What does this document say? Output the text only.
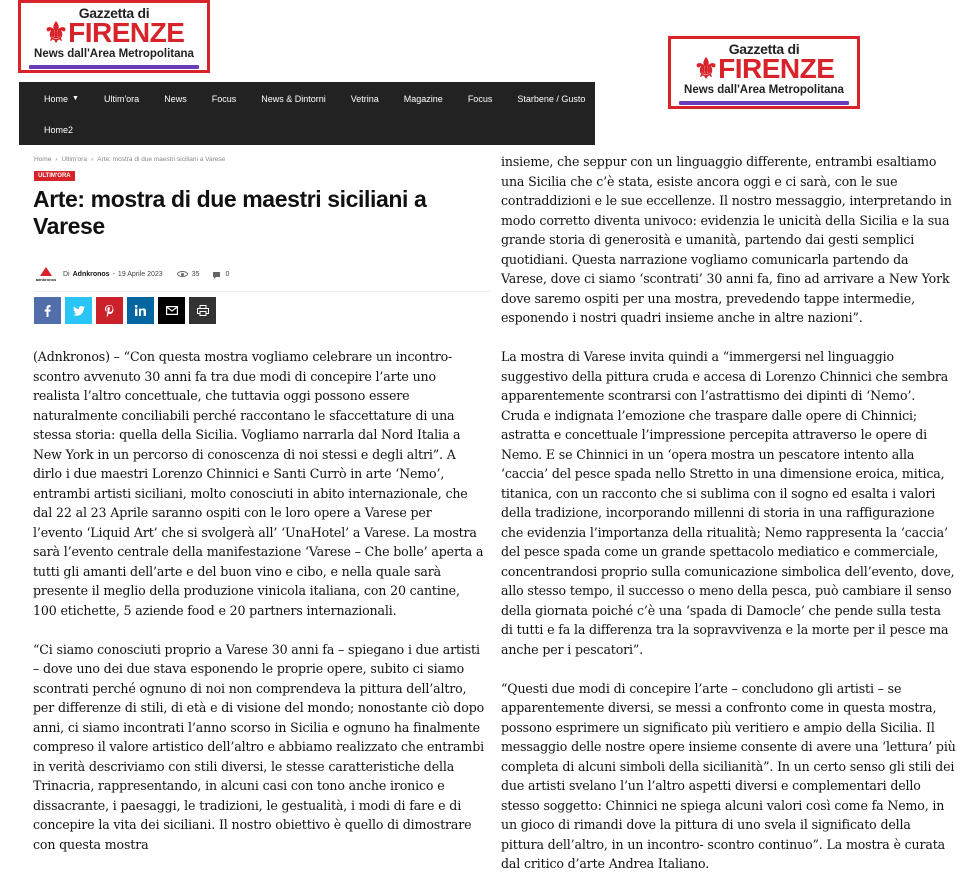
Gazzetta di
⚜FIRENZE
News dall'Area Metropolitana	Gazzetta di
⚜FIRENZE
News dall'Area Metropolitana
Home ▼	Ultim'ora	News	Focus	News & Dintorni	Vetrina	Magazine	Focus	Starbene / Gusto	Anni
Home2
Home › Ultim'ora › Arte: mostra di due maestri siciliani a Varese
ULTIM'ORA
Arte: mostra di due maestri siciliani a Varese
adnkronos
Di Adnkronos - 19 Aprile 2023	35	0

(Adnkronos) – “Con questa mostra vogliamo celebrare un incontro-scontro avvenuto 30 anni fa tra due modi di concepire l’arte uno realista l’altro concettuale, che tuttavia oggi possono essere naturalmente conciliabili perché raccontano le sfaccettature di una stessa storia: quella della Sicilia. Vogliamo narrarla dal Nord Italia a New York in un percorso di conoscenza di noi stessi e degli altri”. A dirlo i due maestri Lorenzo Chinnici e Santi Currò in arte ‘Nemo’, entrambi artisti siciliani, molto conosciuti in abito internazionale, che dal 22 al 23 Aprile saranno ospiti con le loro opere a Varese per l’evento ‘Liquid Art’ che si svolgerà all’ ‘UnaHotel’ a Varese. La mostra sarà l’evento centrale della manifestazione ‘Varese – Che bolle’ aperta a tutti gli amanti dell’arte e del buon vino e cibo, e nella quale sarà presente il meglio della produzione vinicola italiana, con 20 cantine, 100 etichette, 5 aziende food e 20 partners internazionali.

“Ci siamo conosciuti proprio a Varese 30 anni fa – spiegano i due artisti – dove uno dei due stava esponendo le proprie opere, subito ci siamo scontrati perché ognuno di noi non comprendeva la pittura dell’altro, per differenze di stili, di età e di visione del mondo; nonostante ciò dopo anni, ci siamo incontrati l’anno scorso in Sicilia e ognuno ha finalmente compreso il valore artistico dell’altro e abbiamo realizzato che entrambi in verità descriviamo con stili diversi, le stesse caratteristiche della Trinacria, rappresentando, in alcuni casi con tono anche ironico e dissacrante, i paesaggi, le tradizioni, le gestualità, i modi di fare e di concepire la vita dei siciliani. Il nostro obiettivo è quello di dimostrare con questa mostra

insieme, che seppur con un linguaggio differente, entrambi esaltiamo una Sicilia che c’è stata, esiste ancora oggi e ci sarà, con le sue contraddizioni e le sue eccellenze. Il nostro messaggio, interpretando in modo corretto diventa univoco: evidenzia le unicità della Sicilia e la sua grande storia di generosità e umanità, partendo dai gesti semplici quotidiani. Questa narrazione vogliamo comunicarla partendo da Varese, dove ci siamo ‘scontrati’ 30 anni fa, fino ad arrivare a New York dove saremo ospiti per una mostra, prevedendo tappe intermedie, esponendo i nostri quadri insieme anche in altre nazioni”.

La mostra di Varese invita quindi a “immergersi nel linguaggio suggestivo della pittura cruda e accesa di Lorenzo Chinnici che sembra apparentemente scontrarsi con l’astrattismo dei dipinti di ‘Nemo’. Cruda e indignata l’emozione che traspare dalle opere di Chinnici; astratta e concettuale l’impressione percepita attraverso le opere di Nemo. E se Chinnici in un ‘opera mostra un pescatore intento alla ‘caccia’ del pesce spada nello Stretto in una dimensione eroica, mitica, titanica, con un racconto che si sublima con il sogno ed esalta i valori della tradizione, incorporando millenni di storia in una raffigurazione che evidenzia l’importanza della ritualità; Nemo rappresenta la ‘caccia’ del pesce spada come un grande spettacolo mediatico e commerciale, concentrandosi proprio sulla comunicazione simbolica dell’evento, dove, allo stesso tempo, il successo o meno della pesca, può cambiare il senso della giornata poiché c’è una ‘spada di Damocle’ che pende sulla testa di tutti e fa la differenza tra la sopravvivenza e la morte per il pesce ma anche per i pescatori”.

“Questi due modi di concepire l’arte – concludono gli artisti – se apparentemente diversi, se messi a confronto come in questa mostra, possono esprimere un significato più veritiero e ampio della Sicilia. Il messaggio delle nostre opere insieme consente di avere una ‘lettura’ più completa di alcuni simboli della sicilianità”. In un certo senso gli stili dei due artisti svelano l’un l’altro aspetti diversi e complementari dello stesso soggetto: Chinnici ne spiega alcuni valori così come fa Nemo, in un gioco di rimandi dove la pittura di uno svela il significato della pittura dell’altro, in un incontro- scontro continuo”. La mostra è curata dal critico d’arte Andrea Italiano.
